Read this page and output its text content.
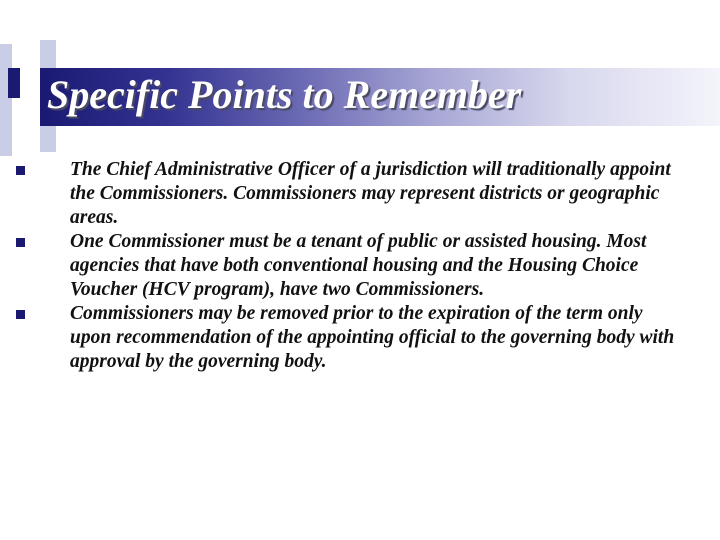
Specific Points to Remember
The Chief Administrative Officer of a jurisdiction will traditionally appoint the Commissioners. Commissioners may represent districts or geographic areas.
One Commissioner must be a tenant of public or assisted housing. Most agencies that have both conventional housing and the Housing Choice Voucher (HCV program), have two Commissioners.
Commissioners may be removed prior to the expiration of the term only upon recommendation of the appointing official to the governing body with approval by the governing body.
